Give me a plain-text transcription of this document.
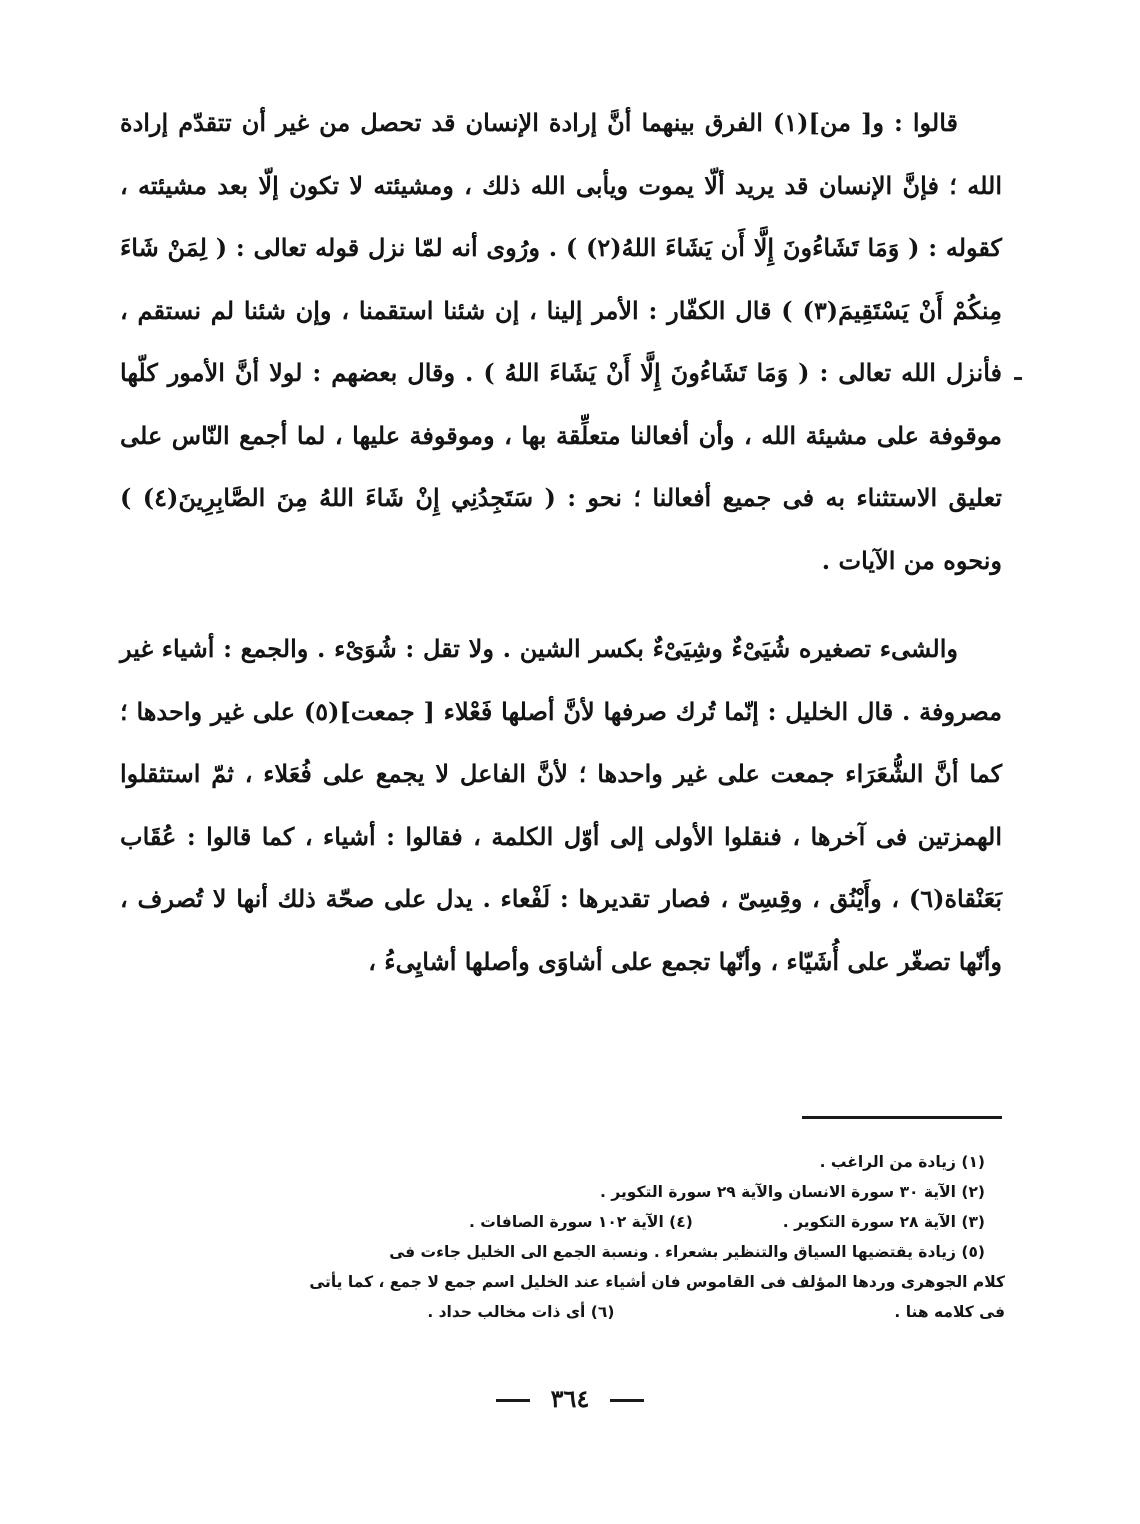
قالوا : و[ من](١) الفرق بينهما أنَّ إرادة الإنسان قد تحصل من غير أن تتقدّم إرادة الله ؛ فإنَّ الإنسان قد يريد ألّا يموت ويأبى الله ذلك ، ومشيئته لا تكون إلّا بعد مشيئته ، كقوله : ( وَمَا تَشَاءُونَ إِلَّا أَن يَشَاءَ اللهُ(٢) ) . ورُوى أنه لمّا نزل قوله تعالى : ( لِمَنْ شَاءَ مِنكُمْ أَنْ يَسْتَقِيمَ(٣) ) قال الكفّار : الأمر إلينا ، إن شئنا استقمنا ، وإن شئنا لم نستقم ، فأنزل الله تعالى : ( وَمَا تَشَاءُونَ إِلَّا أَنْ يَشَاءَ اللهُ ) . وقال بعضهم : لولا أنَّ الأمور كلّها موقوفة على مشيئة الله ، وأن أفعالنا متعلِّقة بها ، وموقوفة عليها ، لما أجمع النّاس على تعليق الاستثناء به فى جميع أفعالنا ؛ نحو : ( سَتَجِدُنِي إِنْ شَاءَ اللهُ مِنَ الصَّابِرِينَ(٤) ) ونحوه من الآيات .

والشىء تصغيره شُيَىْءٌ وشِيَىْءٌ بكسر الشين . ولا تقل : شُوَىْء . والجمع : أشياء غير مصروفة . قال الخليل : إنّما تُرك صرفها لأنَّ أصلها فَعْلاء [ جمعت](٥) على غير واحدها ؛ كما أنَّ الشُّعَرَاء جمعت على غير واحدها ؛ لأنَّ الفاعل لا يجمع على فُعَلاء ، ثمّ استثقلوا الهمزتين فى آخرها ، فنقلوا الأولى إلى أوّل الكلمة ، فقالوا : أشياء ، كما قالوا : عُقَاب بَعَنْقاة(٦) ، وأَيْنُق ، وقِسِىّ ، فصار تقديرها : لَفْعاء . يدل على صحّة ذلك أنها لا تُصرف ، وأنّها تصغّر على أُشَيّاء ، وأنّها تجمع على أشاوَى وأصلها أشايِىءُ ،

(١) زيادة من الراغب .
(٢) الآية ٣٠ سورة الانسان والآية ٢٩ سورة التكوير .
(٣) الآية ٢٨ سورة التكوير .
(٤) الآية ١٠٢ سورة الصافات .
(٥) زيادة يقتضيها السياق والتنظير بشعراء . ونسبة الجمع الى الخليل جاءت فى
كلام الجوهرى وردها المؤلف فى القاموس فان أشياء عند الخليل اسم جمع لا جمع ، كما يأتى
فى كلامه هنا .
(٦) أى ذات مخالب حداد .
٣٦٤
